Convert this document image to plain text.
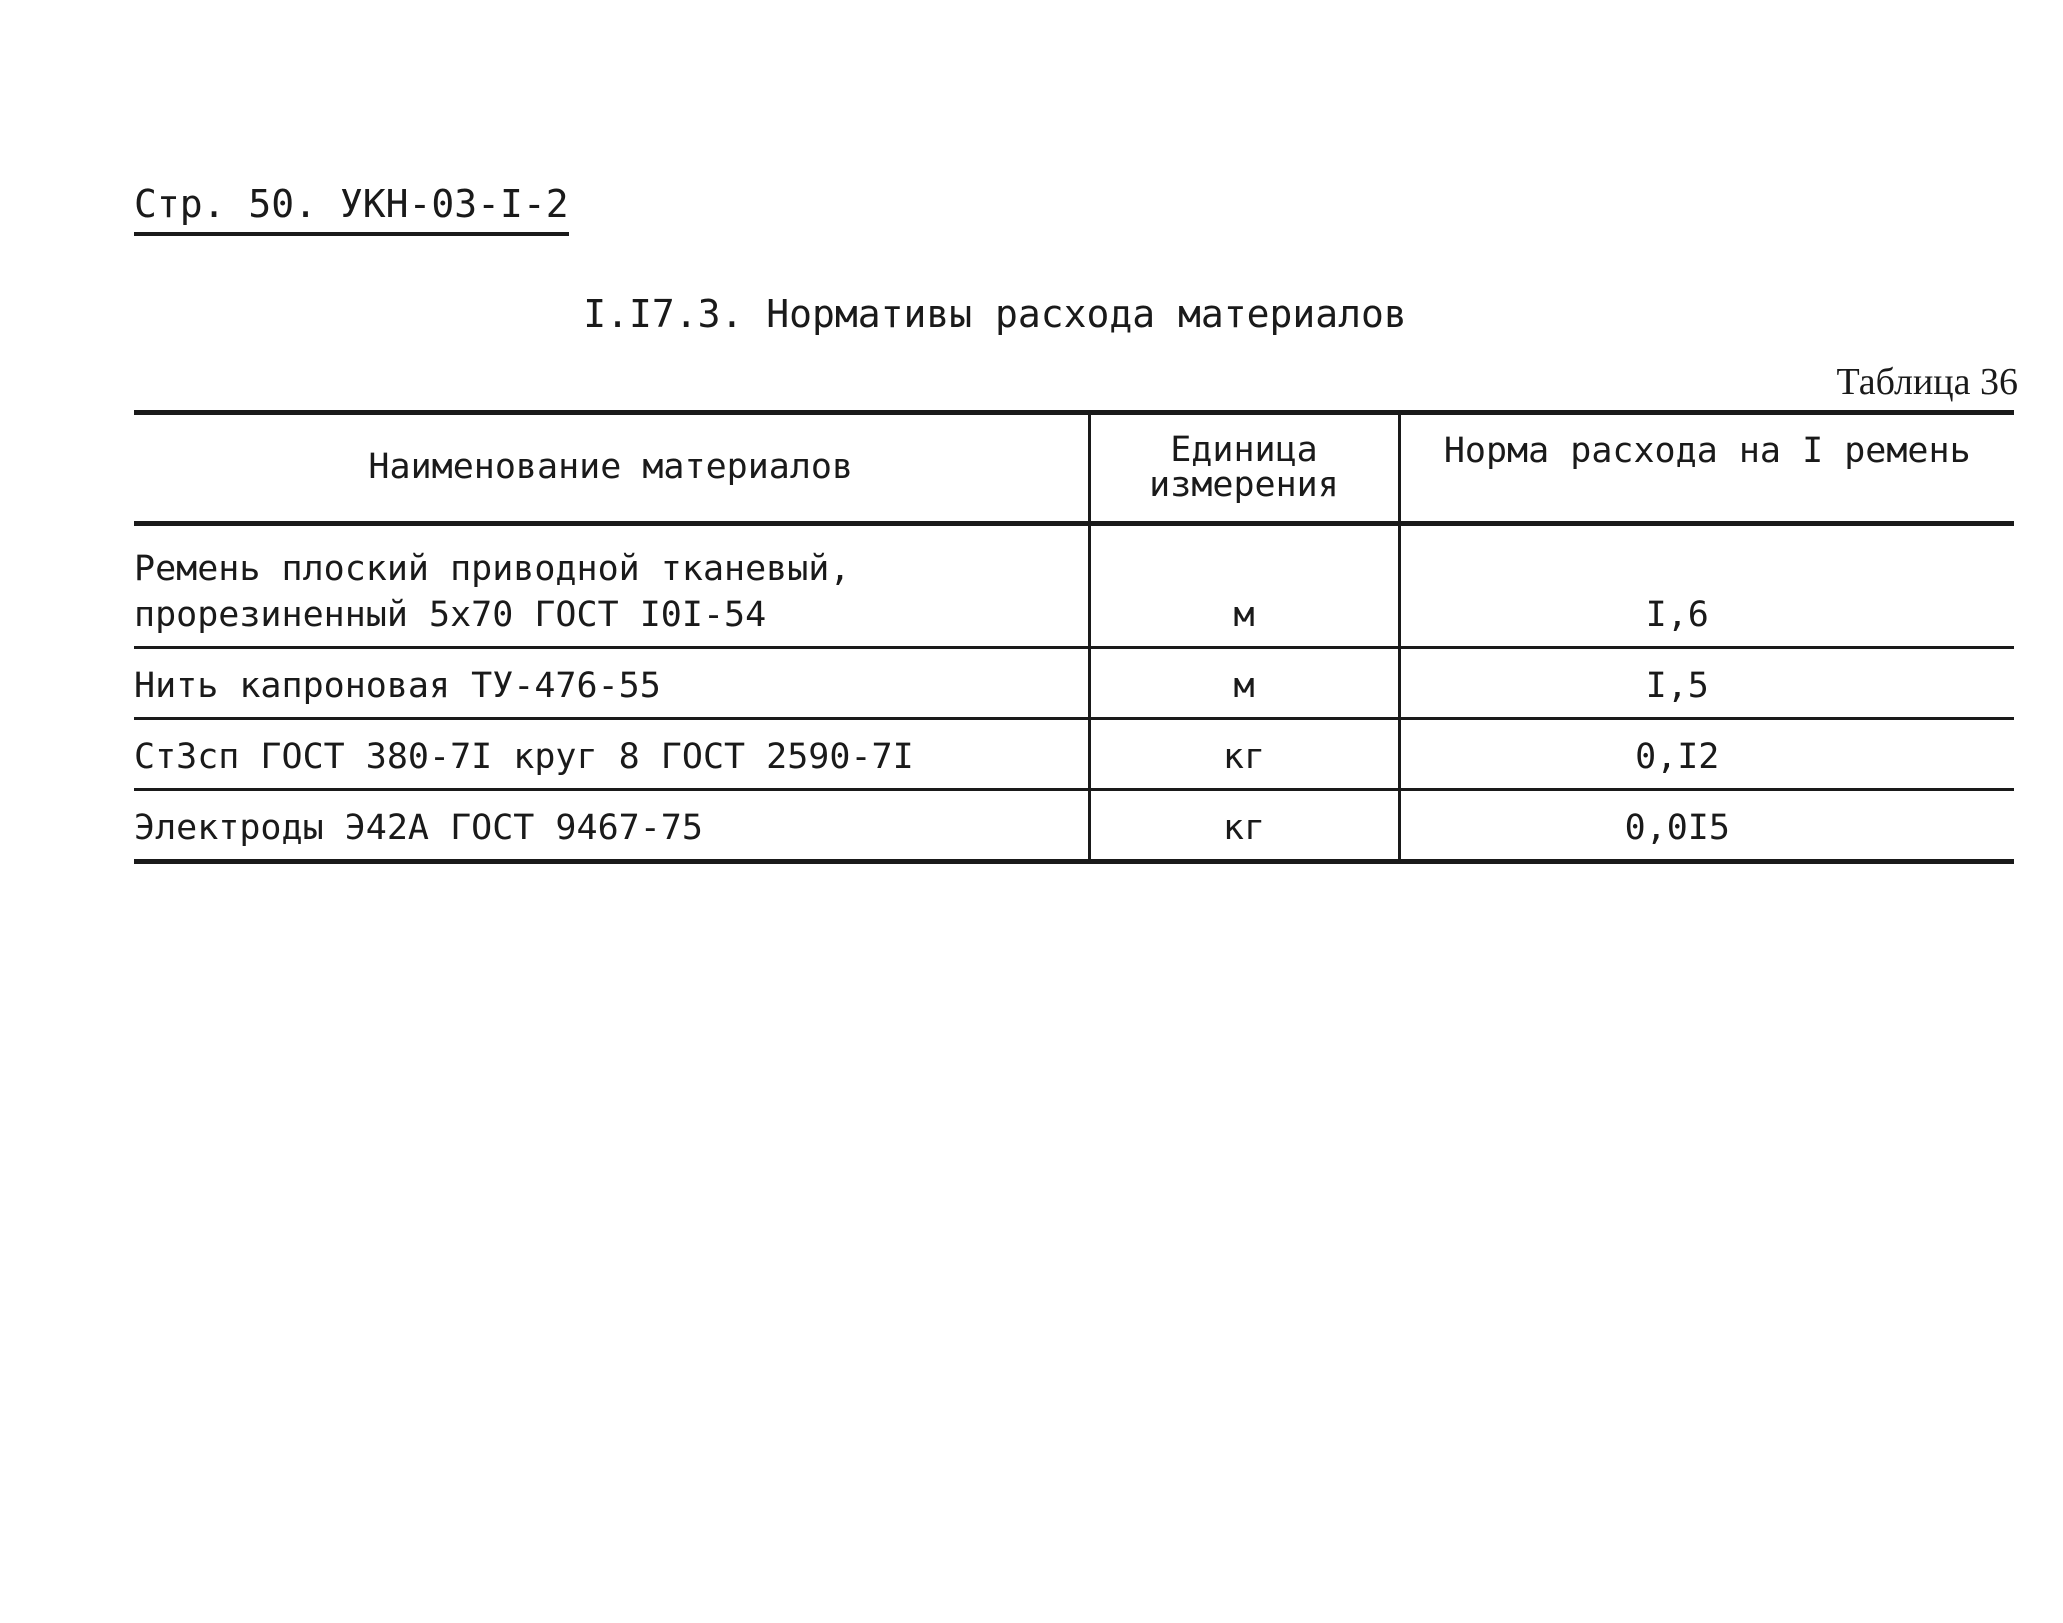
Стр. 50. УКН-03-I-2
I.I7.3. Нормативы расхода материалов
Таблица 36
Наименование материалов	Единица измерения	Норма расхода на I ремень
Ремень плоский приводной тканевый, прорезиненный 5х70 ГОСТ I0I-54	м	I,6
Нить капроновая ТУ-476-55	м	I,5
Ст3сп ГОСТ 380-7I круг 8 ГОСТ 2590-7I	кг	0,I2
Электроды Э42А ГОСТ 9467-75	кг	0,0I5
